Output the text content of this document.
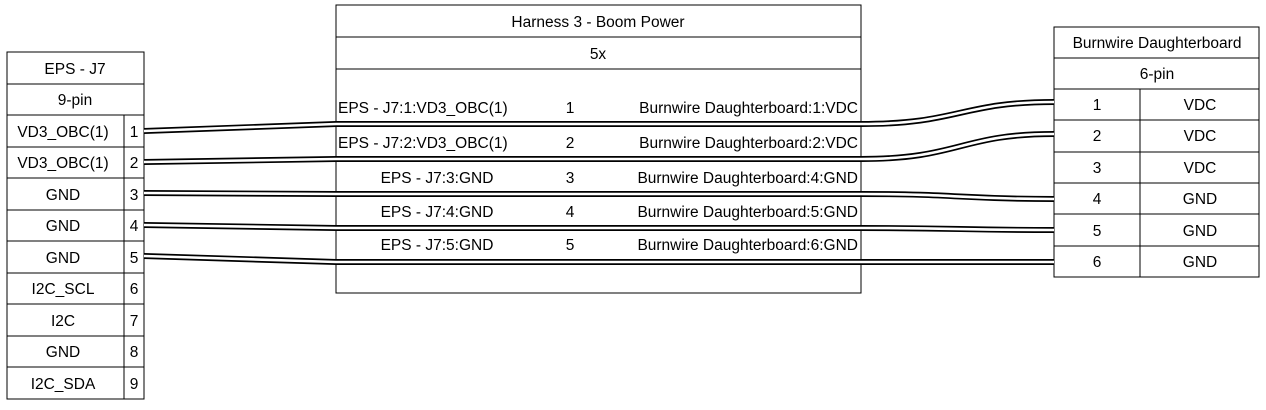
EPS - J7
9-pin
VD3_OBC(1) 1
VD3_OBC(1) 2
GND	3
GND	4
GND	5
I2C_SCL 6
I2C	7
GND	8
I2C_SDA 9
Harness 3 - Boom Power
5x
EPS - J7:1:VD3_OBC(1)	1	Burnwire Daughterboard:1:VDC
EPS - J7:2:VD3_OBC(1)	2	Burnwire Daughterboard:2:VDC
EPS - J7:3:GND	3	Burnwire Daughterboard:4:GND
EPS - J7:4:GND	4	Burnwire Daughterboard:5:GND
EPS - J7:5:GND	5	Burnwire Daughterboard:6:GND
Burnwire Daughterboard
6-pin
1	VDC
2	VDC
3	VDC
4	GND
5	GND
6	GND
